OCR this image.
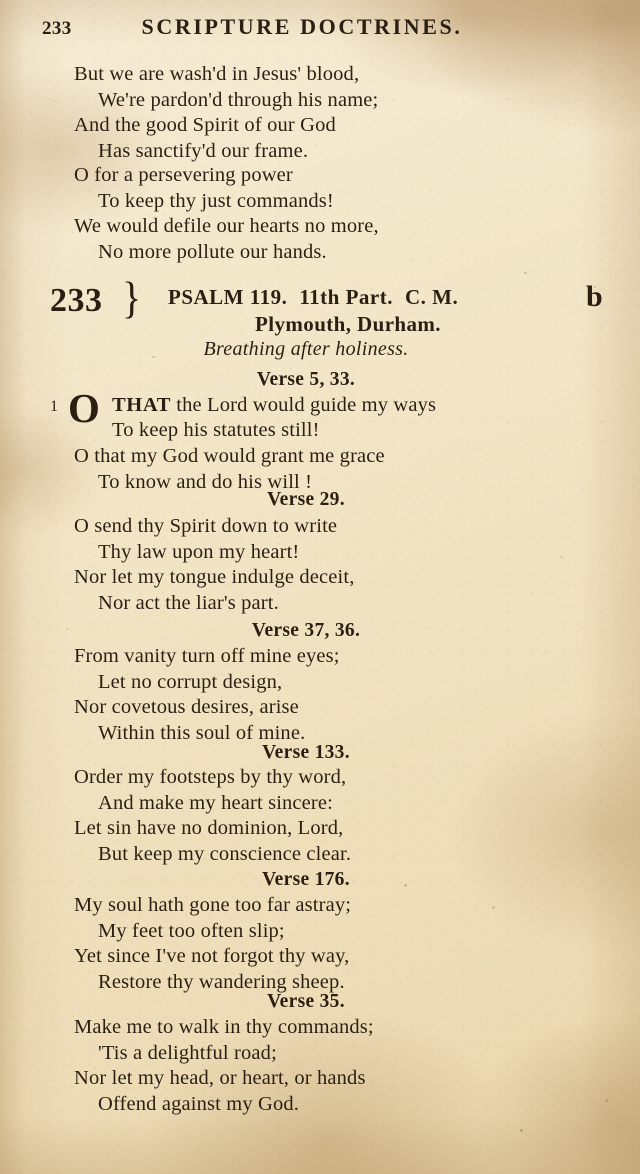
233	SCRIPTURE DOCTRINES.
But we are wash'd in Jesus' blood,
We're pardon'd through his name;
And the good Spirit of our God
Has sanctify'd our frame.
O for a persevering power
To keep thy just commands!
We would defile our hearts no more,
No more pollute our hands.
233 } PSALM 119. 11th Part. C. M.
Plymouth, Durham.
b
Breathing after holiness.
Verse 5, 33.
1 O THAT the Lord would guide my ways
To keep his statutes still!
O that my God would grant me grace
To know and do his will !
Verse 29.
O send thy Spirit down to write
Thy law upon my heart!
Nor let my tongue indulge deceit,
Nor act the liar's part.
Verse 37, 36.
From vanity turn off mine eyes;
Let no corrupt design,
Nor covetous desires, arise
Within this soul of mine.
Verse 133.
Order my footsteps by thy word,
And make my heart sincere:
Let sin have no dominion, Lord,
But keep my conscience clear.
Verse 176.
My soul hath gone too far astray;
My feet too often slip;
Yet since I've not forgot thy way,
Restore thy wandering sheep.
Verse 35.
Make me to walk in thy commands;
'Tis a delightful road;
Nor let my head, or heart, or hands
Offend against my God.
